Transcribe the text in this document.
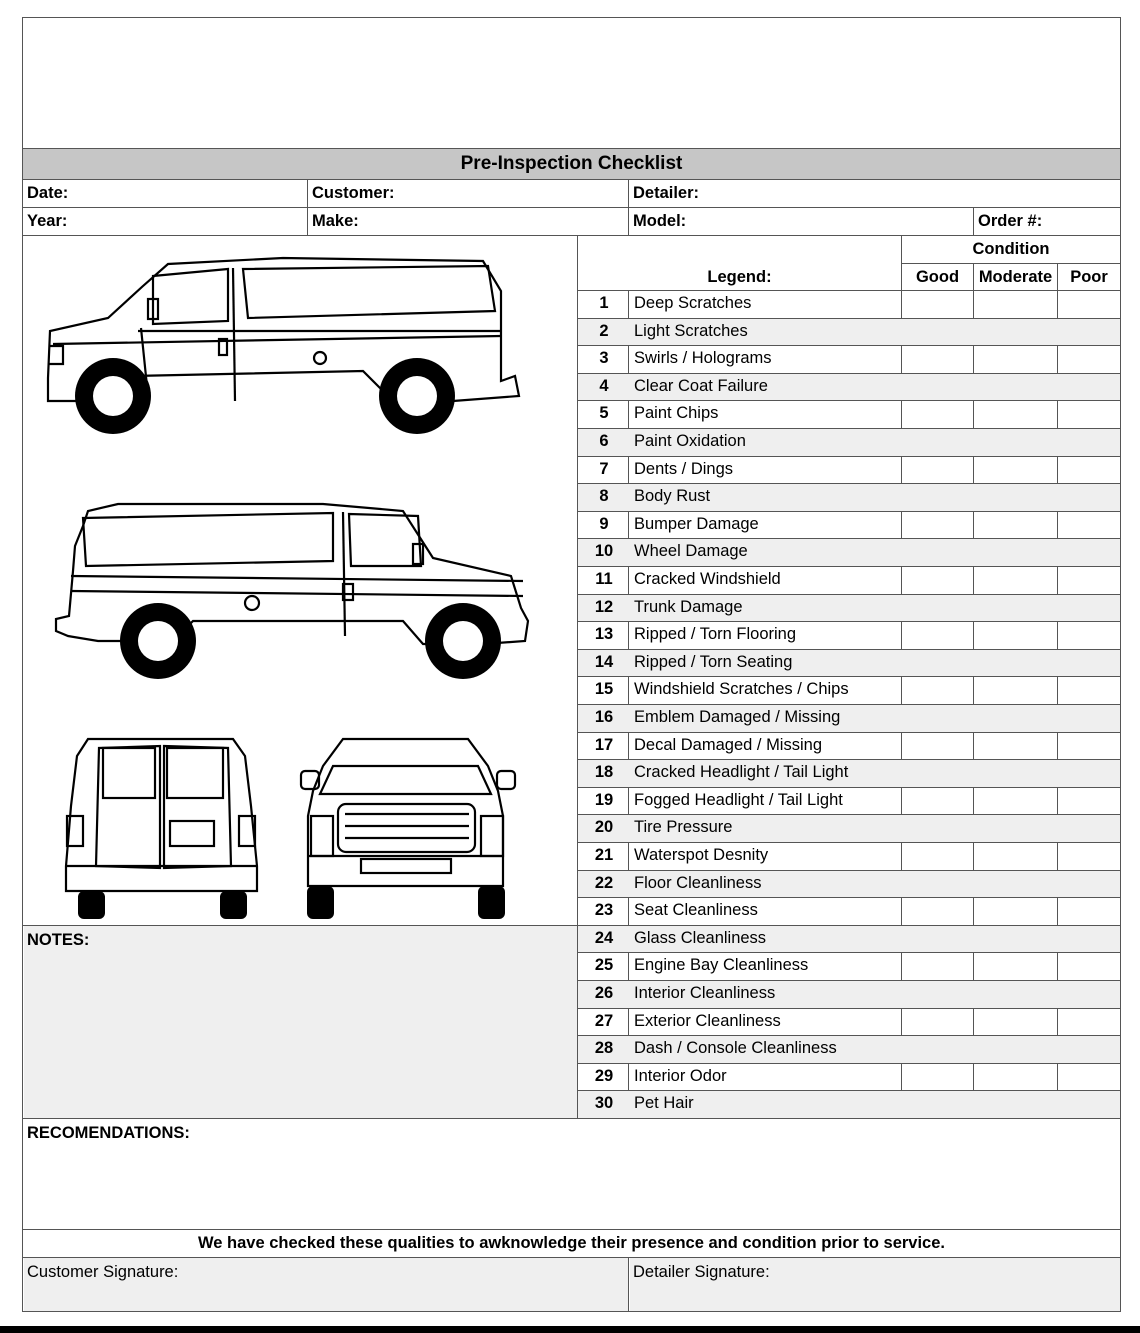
Pre-Inspection Checklist
Date:	Customer:	Detailer:
Year:	Make:	Model:	Order #:
Condition
Legend:	Good	Moderate	Poor
1	Deep Scratches
2	Light Scratches
3	Swirls / Holograms
4	Clear Coat Failure
5	Paint Chips
6	Paint Oxidation
7	Dents / Dings
8	Body Rust
9	Bumper Damage
10	Wheel Damage
11	Cracked Windshield
12	Trunk Damage
13	Ripped / Torn Flooring
14	Ripped / Torn Seating
15	Windshield Scratches / Chips
16	Emblem Damaged / Missing
17	Decal Damaged / Missing
18	Cracked Headlight / Tail Light
19	Fogged Headlight / Tail Light
20	Tire Pressure
21	Waterspot Desnity
22	Floor Cleanliness
23	Seat Cleanliness
24	Glass Cleanliness
25	Engine Bay Cleanliness
26	Interior Cleanliness
27	Exterior Cleanliness
28	Dash / Console Cleanliness
29	Interior Odor
30	Pet Hair
NOTES:
RECOMENDATIONS:
We have checked these qualities to awknowledge their presence and condition prior to service.
Customer Signature:	Detailer Signature:
